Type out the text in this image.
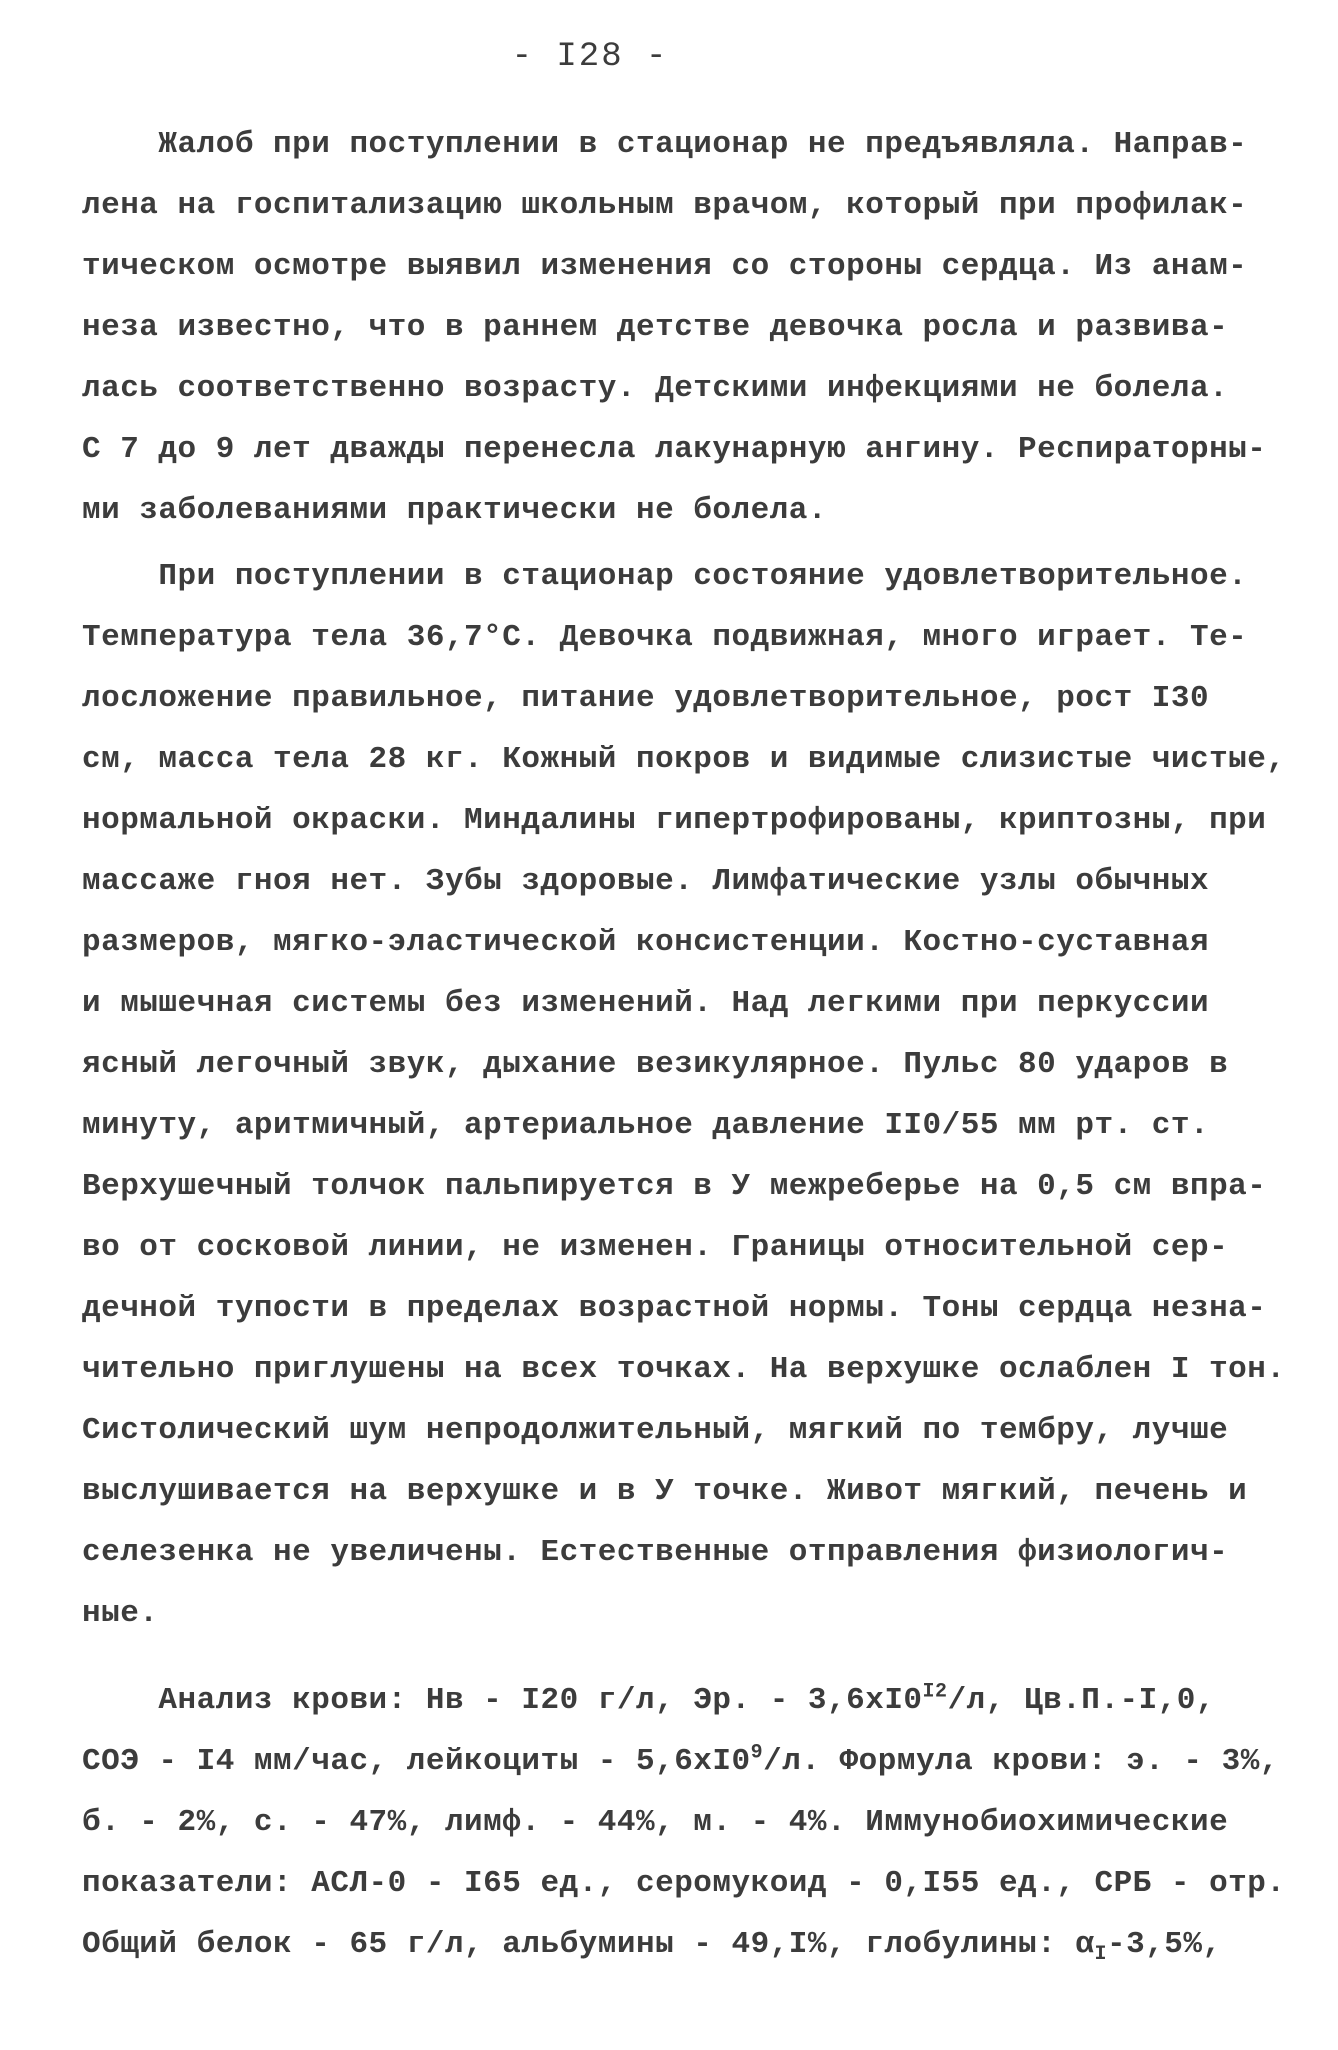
- I28 -
Жалоб при поступлении в стационар не предъявляла. Направ-
лена на госпитализацию школьным врачом, который при профилак-
тическом осмотре выявил изменения со стороны сердца. Из анам-
неза известно, что в раннем детстве девочка росла и развива-
лась соответственно возрасту. Детскими инфекциями не болела.
С 7 до 9 лет дважды перенесла лакунарную ангину. Респираторны-
ми заболеваниями практически не болела.
При поступлении в стационар состояние удовлетворительное.
Температура тела 36,7°С. Девочка подвижная, много играет. Те-
лосложение правильное, питание удовлетворительное, рост I30
см, масса тела 28 кг. Кожный покров и видимые слизистые чистые,
нормальной окраски. Миндалины гипертрофированы, криптозны, при
массаже гноя нет. Зубы здоровые. Лимфатические узлы обычных
размеров, мягко-эластической консистенции. Костно-суставная
и мышечная системы без изменений. Над легкими при перкуссии
ясный легочный звук, дыхание везикулярное. Пульс 80 ударов в
минуту, аритмичный, артериальное давление II0/55 мм рт. ст.
Верхушечный толчок пальпируется в У межреберье на 0,5 см впра-
во от сосковой линии, не изменен. Границы относительной сер-
дечной тупости в пределах возрастной нормы. Тоны сердца незна-
чительно приглушены на всех точках. На верхушке ослаблен I тон.
Систолический шум непродолжительный, мягкий по тембру, лучше
выслушивается на верхушке и в У точке. Живот мягкий, печень и
селезенка не увеличены. Естественные отправления физиологич-
ные.
Анализ крови: Нв - I20 г/л, Эр. - $3,6хI0^{I2}/л$, Цв.П.-I,0,
СОЭ - I4 мм/час, лейкоциты - $5,6хI0^9/л$. Формула крови: э. - 3%,
б. - 2%, с. - 47%, лимф. - 44%, м. - 4%. Иммунобиохимические
показатели: АСЛ-0 - I65 ед., серомукоид - 0,I55 ед., СРБ - отр.
Общий белок - 65 г/л, альбумины - 49,I%, глобулины: $\alpha_I-3,5\%$,
